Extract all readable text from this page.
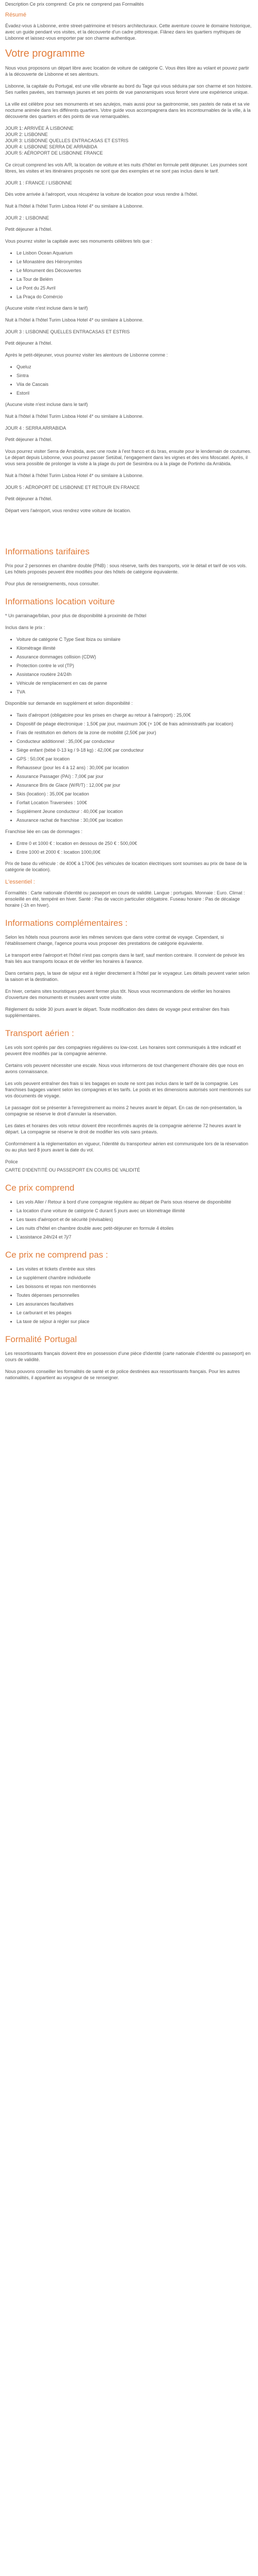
Description Ce prix comprend: Ce prix ne comprend pas Formalités

Résumé

Évadez-vous à Lisbonne, entre street-patrimoine et trésors architecturaux. Cette aventure couvre le domaine historique, avec un guide pendant vos visites, et la découverte d'un cadre pittoresque. Flânez dans les quartiers mythiques de Lisbonne et laissez-vous emporter par son charme authentique.

Votre programme

Nous vous proposons un départ libre avec location de voiture de catégorie C. Vous êtes libre au volant et pouvez partir à la découverte de Lisbonne et ses alentours.

Lisbonne, la capitale du Portugal, est une ville vibrante au bord du Tage qui vous séduira par son charme et son histoire. Ses ruelles pavées, ses tramways jaunes et ses points de vue panoramiques vous feront vivre une expérience unique.

La ville est célèbre pour ses monuments et ses azulejos, mais aussi pour sa gastronomie, ses pasteis de nata et sa vie nocturne animée dans les différents quartiers. Votre guide vous accompagnera dans les incontournables de la ville, à la découverte des quartiers et des points de vue remarquables.

JOUR 1: ARRIVÉE À LISBONNE
JOUR 2: LISBONNE
JOUR 3: LISBONNE QUELLES ENTRACASAS ET ESTRIS
JOUR 4: LISBONNE SERRA DE ARRABIDA
JOUR 5: AÉROPORT DE LISBONNE FRANCE

Ce circuit comprend les vols A/R, la location de voiture et les nuits d'hôtel en formule petit déjeuner. Les journées sont libres, les visites et les itinéraires proposés ne sont que des exemples et ne sont pas inclus dans le tarif.

JOUR 1 : FRANCE / LISBONNE

Dès votre arrivée à l'aéroport, vous récupérez la voiture de location pour vous rendre à l'hôtel.

Nuit à l'hôtel à l'hôtel Turim Lisboa Hotel 4* ou similaire à Lisbonne.

JOUR 2 : LISBONNE

Petit déjeuner à l'hôtel.

Vous pourrez visiter la capitale avec ses monuments célèbres tels que :

• Le Lisbon Ocean Aquarium
• Le Monastère des Hiéronymites
• Le Monument des Découvertes
• La Tour de Belém
• Le Pont du 25 Avril
• La Praça do Comércio

(Aucune visite n'est incluse dans le tarif)

Nuit à l'hôtel à l'hôtel Turim Lisboa Hotel 4* ou similaire à Lisbonne.

JOUR 3 : LISBONNE QUELLES ENTRACASAS ET ESTRIS

Petit déjeuner à l'hôtel.

Après le petit-déjeuner, vous pourrez visiter les alentours de Lisbonne comme :

• Queluz
• Sintra
• Vila de Cascais
• Estoril

(Aucune visite n'est incluse dans le tarif)

Nuit à l'hôtel à l'hôtel Turim Lisboa Hotel 4* ou similaire à Lisbonne.

JOUR 4 : SERRA ARRABIDA

Petit déjeuner à l'hôtel.

Vous pourrez visiter Serra de Arrabida, avec une route à l'est franco et du bras, ensuite pour le lendemain de coutumes. Le départ depuis Lisbonne, vous pourrez passer Setúbal, l'engagement dans les vignes et des vins Moscatel. Après, il vous sera possible de prolonger la visite à la plage du port de Sesimbra ou à la plage de Portinho da Arrábida.

Nuit à l'hôtel à l'hôtel Turim Lisboa Hotel 4* ou similaire à Lisbonne.

JOUR 5 : AÉROPORT DE LISBONNE ET RETOUR EN FRANCE

Petit déjeuner à l'hôtel.

Départ vers l'aéroport, vous rendrez votre voiture de location.

Informations tarifaires

Prix pour 2 personnes en chambre double (PNB) : sous réserve, tarifs des transports, voir le détail et tarif de vos vols. Les hôtels proposés peuvent être modifiés pour des hôtels de catégorie équivalente.

Pour plus de renseignements, nous consulter.

Informations location voiture

* Un parrainage/bilan, pour plus de disponibilité à proximité de l'hôtel

Inclus dans le prix :

• Voiture de catégorie C Type Seat Ibiza ou similaire
• Kilométrage illimité
• Assurance dommages collision (CDW)
• Protection contre le vol (TP)
• Assistance routière 24/24h
• Véhicule de remplacement en cas de panne
• TVA

Disponible sur demande en supplément et selon disponibilité :

• Taxis d'aéroport (obligatoire pour les prises en charge au retour à l'aéroport) : 25,00€
• Dispositif de péage électronique : 1,50€ par jour, maximum 30€ (+ 10€ de frais administratifs par location)
• Frais de restitution en dehors de la zone de mobilité (2,50€ par jour)
• Conducteur additionnel : 35,00€ par conducteur
• Siège enfant (bébé 0-13 kg / 9-18 kg) : 42,00€ par conducteur
• GPS : 50,00€ par location
• Rehausseur (pour les 4 à 12 ans) : 30,00€ par location
• Assurance Passager (PAI) : 7,00€ par jour
• Assurance Bris de Glace (W/R/T) : 12,00€ par jour
• Skis (location) : 35,00€ par location
• Forfait Location Traversées : 100€
• Supplément Jeune conducteur : 40,00€ par location
• Assurance rachat de franchise : 30,00€ par location

Franchise liée en cas de dommages :

• Entre 0 et 1000 € : location en dessous de 250 € : 500,00€
• Entre 1000 et 2000 € : location 1000,00€

Prix de base du véhicule : de 400€ à 1700€ (les véhicules de location électriques sont soumises au prix de base de la catégorie de location).

L'essentiel :

Formalités : Carte nationale d'identité ou passeport en cours de validité. Langue : portugais. Monnaie : Euro. Climat : ensoleillé en été, tempéré en hiver. Santé : Pas de vaccin particulier obligatoire. Fuseau horaire : Pas de décalage horaire (-1h en hiver).

Informations complémentaires :

Selon les hôtels nous pourrons avoir les mêmes services que dans votre contrat de voyage. Cependant, si l'établissement change, l'agence pourra vous proposer des prestations de catégorie équivalente.

Le transport entre l'aéroport et l'hôtel n'est pas compris dans le tarif, sauf mention contraire. Il convient de prévoir les frais liés aux transports locaux et de vérifier les horaires à l'avance.

Dans certains pays, la taxe de séjour est à régler directement à l'hôtel par le voyageur. Les détails peuvent varier selon la saison et la destination.

En hiver, certains sites touristiques peuvent fermer plus tôt. Nous vous recommandons de vérifier les horaires d'ouverture des monuments et musées avant votre visite.

Réglement du solde 30 jours avant le départ. Toute modification des dates de voyage peut entraîner des frais supplémentaires.

Transport aérien :

Les vols sont opérés par des compagnies régulières ou low-cost. Les horaires sont communiqués à titre indicatif et peuvent être modifiés par la compagnie aérienne.

Certains vols peuvent nécessiter une escale. Nous vous informerons de tout changement d'horaire dès que nous en avons connaissance.

Les vols peuvent entraîner des frais si les bagages en soute ne sont pas inclus dans le tarif de la compagnie. Les franchises bagages varient selon les compagnies et les tarifs. Le poids et les dimensions autorisés sont mentionnés sur vos documents de voyage.

Le passager doit se présenter à l'enregistrement au moins 2 heures avant le départ. En cas de non-présentation, la compagnie se réserve le droit d'annuler la réservation.

Les dates et horaires des vols retour doivent être reconfirmés auprès de la compagnie aérienne 72 heures avant le départ. La compagnie se réserve le droit de modifier les vols sans préavis.

Conformément à la réglementation en vigueur, l'identité du transporteur aérien est communiquée lors de la réservation ou au plus tard 8 jours avant la date du vol.

Police

CARTE D'IDENTITÉ OU PASSEPORT EN COURS DE VALIDITÉ

Ce prix comprend
• Les vols Aller / Retour à bord d'une compagnie régulière au départ de Paris sous réserve de disponibilité
• La location d'une voiture de catégorie C durant 5 jours avec un kilométrage illimité
• Les taxes d'aéroport et de sécurité (révisables)
• Les nuits d'hôtel en chambre double avec petit-déjeuner en formule 4 étoiles
• L'assistance 24h/24 et 7j/7
Ce prix ne comprend pas :
• Les visites et tickets d'entrée aux sites
• Le supplément chambre individuelle
• Les boissons et repas non mentionnés
• Toutes dépenses personnelles
• Les assurances facultatives
• Le carburant et les péages
• La taxe de séjour à régler sur place
Formalité Portugal

Les ressortissants français doivent être en possession d'une pièce d'identité (carte nationale d'identité ou passeport) en cours de validité.

Nous pouvons conseiller les formalités de santé et de police destinées aux ressortissants français. Pour les autres nationalités, il appartient au voyageur de se renseigner.
